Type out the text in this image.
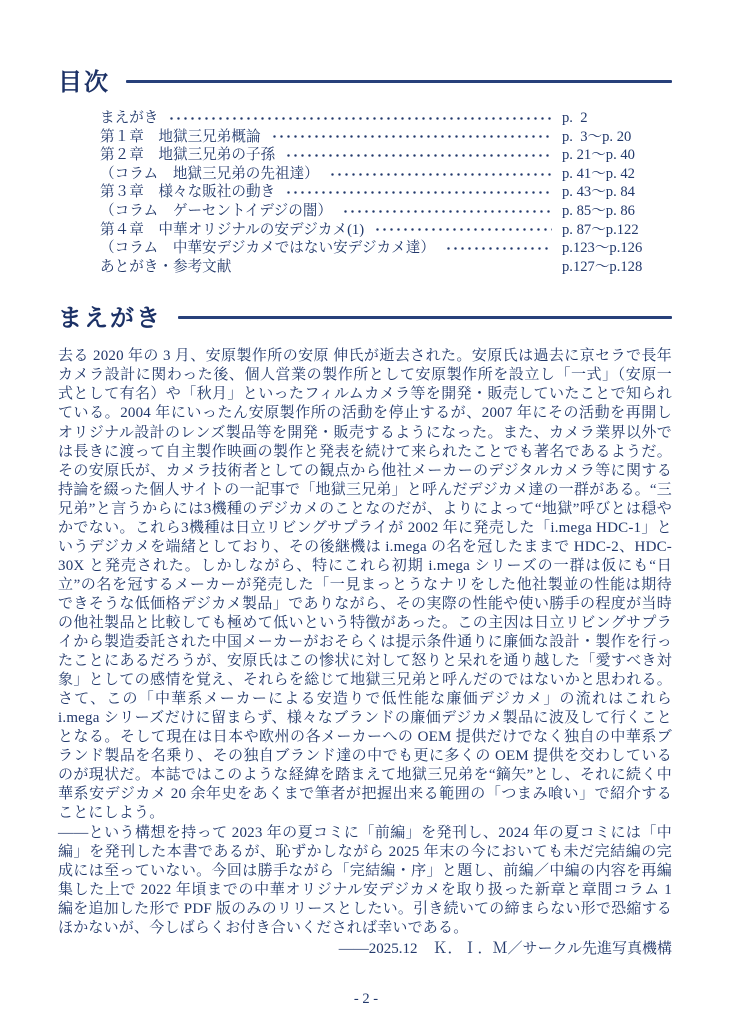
目次
まえがき	p.  2
第１章　地獄三兄弟概論	p.  3〜p. 20
第２章　地獄三兄弟の子孫	p. 21〜p. 40
（コラム　地獄三兄弟の先祖達）	p. 41〜p. 42
第３章　様々な販社の動き	p. 43〜p. 84
（コラム　ゲーセントイデジの闇）	p. 85〜p. 86
第４章　中華オリジナルの安デジカメ(1)	p. 87〜p.122
（コラム　中華安デジカメではない安デジカメ達）	p.123〜p.126
あとがき・参考文献	p.127〜p.128
まえがき

去る 2020 年の 3 月、安原製作所の安原 伸氏が逝去された。安原氏は過去に京セラで長年カメラ設計に関わった後、個人営業の製作所として安原製作所を設立し「一式」（安原一式として有名）や「秋月」といったフィルムカメラ等を開発・販売していたことで知られている。2004 年にいったん安原製作所の活動を停止するが、2007 年にその活動を再開しオリジナル設計のレンズ製品等を開発・販売するようになった。また、カメラ業界以外では長きに渡って自主製作映画の製作と発表を続けて来られたことでも著名であるようだ。その安原氏が、カメラ技術者としての観点から他社メーカーのデジタルカメラ等に関する持論を綴った個人サイトの一記事で「地獄三兄弟」と呼んだデジカメ達の一群がある。“三兄弟”と言うからには3機種のデジカメのことなのだが、よりによって“地獄”呼びとは穏やかでない。これら3機種は日立リビングサプライが 2002 年に発売した「i.mega HDC-1」というデジカメを端緒としており、その後継機は i.mega の名を冠したままで HDC-2、HDC-30X と発売された。しかしながら、特にこれら初期 i.mega シリーズの一群は仮にも“日立”の名を冠するメーカーが発売した「一見まっとうなナリをした他社製並の性能は期待できそうな低価格デジカメ製品」でありながら、その実際の性能や使い勝手の程度が当時の他社製品と比較しても極めて低いという特徴があった。この主因は日立リビングサプライから製造委託された中国メーカーがおそらくは提示条件通りに廉価な設計・製作を行ったことにあるだろうが、安原氏はこの惨状に対して怒りと呆れを通り越した「愛すべき対象」としての感情を覚え、それらを総じて地獄三兄弟と呼んだのではないかと思われる。さて、この「中華系メーカーによる安造りで低性能な廉価デジカメ」の流れはこれら i.mega シリーズだけに留まらず、様々なブランドの廉価デジカメ製品に波及して行くこととなる。そして現在は日本や欧州の各メーカーへの OEM 提供だけでなく独自の中華系ブランド製品を名乗り、その独自ブランド達の中でも更に多くの OEM 提供を交わしているのが現状だ。本誌ではこのような経緯を踏まえて地獄三兄弟を“鏑矢”とし、それに続く中華系安デジカメ 20 余年史をあくまで筆者が把握出来る範囲の「つまみ喰い」で紹介することにしよう。

——という構想を持って 2023 年の夏コミに「前編」を発刊し、2024 年の夏コミには「中編」を発刊した本書であるが、恥ずかしながら 2025 年末の今においても未だ完結編の完成には至っていない。今回は勝手ながら「完結編・序」と題し、前編／中編の内容を再編集した上で 2022 年頃までの中華オリジナル安デジカメを取り扱った新章と章間コラム 1 編を追加した形で PDF 版のみのリリースとしたい。引き続いての締まらない形で恐縮するほかないが、今しばらくお付き合いくだされば幸いである。

——2025.12　Ｋ．Ｉ．Ｍ／サークル先進写真機構

- 2 -
